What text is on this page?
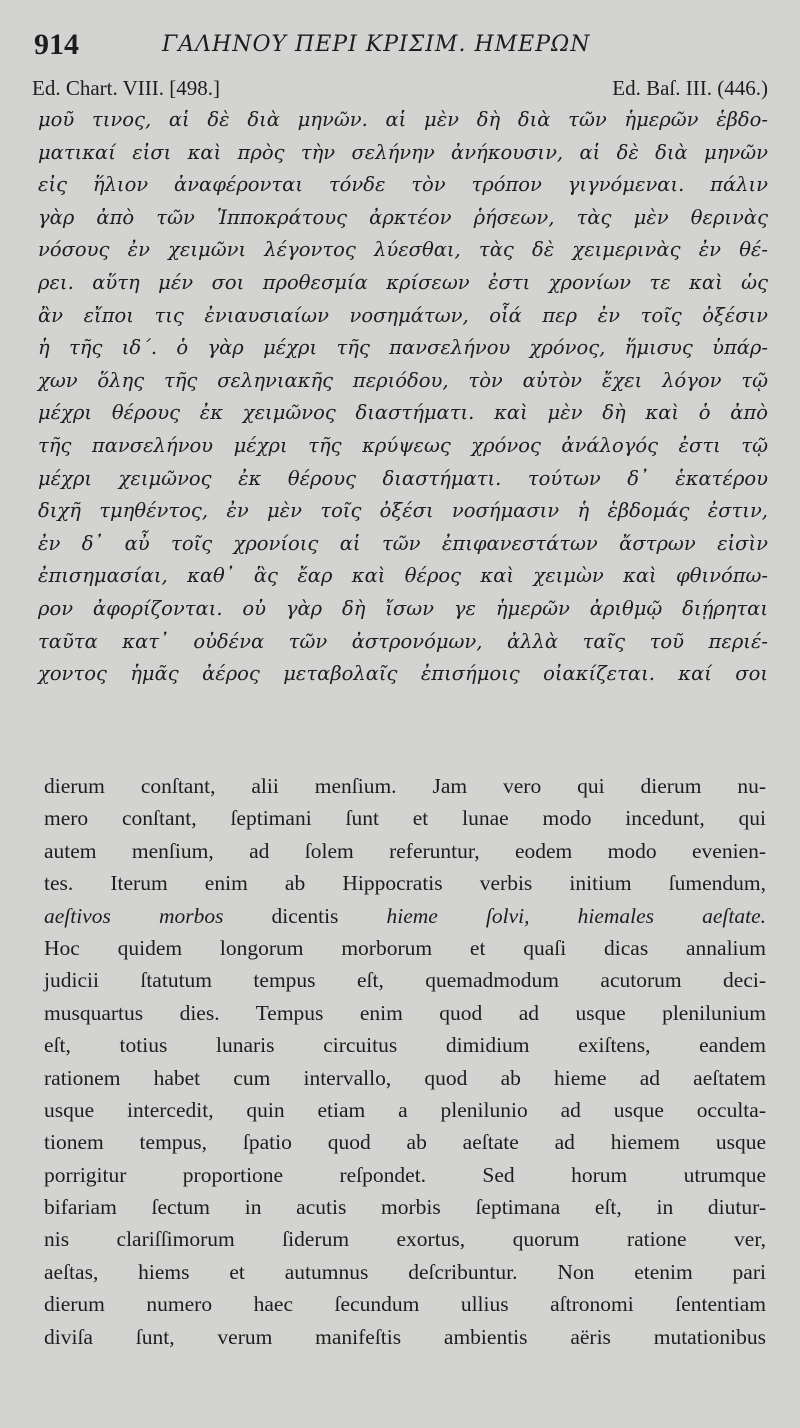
914	ΓΑΛΗΝΟΥ ΠΕΡΙ ΚΡΙΣΙΜ. ΗΜΕΡΩΝ
Ed. Chart. VIII. [498.]	Ed. Baſ. III. (446.)
μοῦ τινος, αἱ δὲ διὰ μηνῶν. αἱ μὲν δὴ διὰ τῶν ἡμερῶν ἑβδο-
ματικαί εἰσι καὶ πρὸς τὴν σελήνην ἀνήκουσιν, αἱ δὲ διὰ μηνῶν
εἰς ἥλιον ἀναφέρονται τόνδε τὸν τρόπον γιγνόμεναι. πάλιν
γὰρ ἀπὸ τῶν Ἱπποκράτους ἀρκτέον ῥήσεων, τὰς μὲν θερινὰς
νόσους ἐν χειμῶνι λέγοντος λύεσθαι, τὰς δὲ χειμερινὰς ἐν θέ-
ρει. αὕτη μέν σοι προθεσμία κρίσεων ἐστι χρονίων τε καὶ ὡς
ἂν εἴποι τις ἐνιαυσιαίων νοσημάτων, οἷά περ ἐν τοῖς ὀξέσιν
ἡ τῆς ιδ´. ὁ γὰρ μέχρι τῆς πανσελήνου χρόνος, ἥμισυς ὑπάρ-
χων ὅλης τῆς σεληνιακῆς περιόδου, τὸν αὐτὸν ἔχει λόγον τῷ
μέχρι θέρους ἐκ χειμῶνος διαστήματι. καὶ μὲν δὴ καὶ ὁ ἀπὸ
τῆς πανσελήνου μέχρι τῆς κρύψεως χρόνος ἀνάλογός ἐστι τῷ
μέχρι χειμῶνος ἐκ θέρους διαστήματι. τούτων δ᾽ ἑκατέρου
διχῆ τμηθέντος, ἐν μὲν τοῖς ὀξέσι νοσήμασιν ἡ ἑβδομάς ἐστιν,
ἐν δ᾽ αὖ τοῖς χρονίοις αἱ τῶν ἐπιφανεστάτων ἄστρων εἰσὶν
ἐπισημασίαι, καθ᾽ ἃς ἔαρ καὶ θέρος καὶ χειμὼν καὶ φθινόπω-
ρον ἀφορίζονται. οὐ γὰρ δὴ ἴσων γε ἡμερῶν ἀριθμῷ διῄρηται
ταῦτα κατ᾽ οὐδένα τῶν ἀστρονόμων, ἀλλὰ ταῖς τοῦ περιέ-
χοντος ἡμᾶς ἀέρος μεταβολαῖς ἐπισήμοις οἰακίζεται. καί σοι
dierum conſtant, alii menſium. Jam vero qui dierum nu-
mero conſtant, ſeptimani ſunt et lunae modo incedunt, qui
autem menſium, ad ſolem referuntur, eodem modo evenien-
tes. Iterum enim ab Hippocratis verbis initium ſumendum,
aeſtivos morbos dicentis hieme ſolvi, hiemales aeſtate.
Hoc quidem longorum morborum et quaſi dicas annalium
judicii ſtatutum tempus eſt, quemadmodum acutorum deci-
musquartus dies. Tempus enim quod ad usque plenilunium
eſt, totius lunaris circuitus dimidium exiſtens, eandem
rationem habet cum intervallo, quod ab hieme ad aeſtatem
usque intercedit, quin etiam a plenilunio ad usque occulta-
tionem tempus, ſpatio quod ab aeſtate ad hiemem usque
porrigitur proportione reſpondet. Sed horum utrumque
bifariam ſectum in acutis morbis ſeptimana eſt, in diutur-
nis clariſſimorum ſiderum exortus, quorum ratione ver,
aeſtas, hiems et autumnus deſcribuntur. Non etenim pari
dierum numero haec ſecundum ullius aſtronomi ſententiam
diviſa ſunt, verum manifeſtis ambientis aëris mutationibus
